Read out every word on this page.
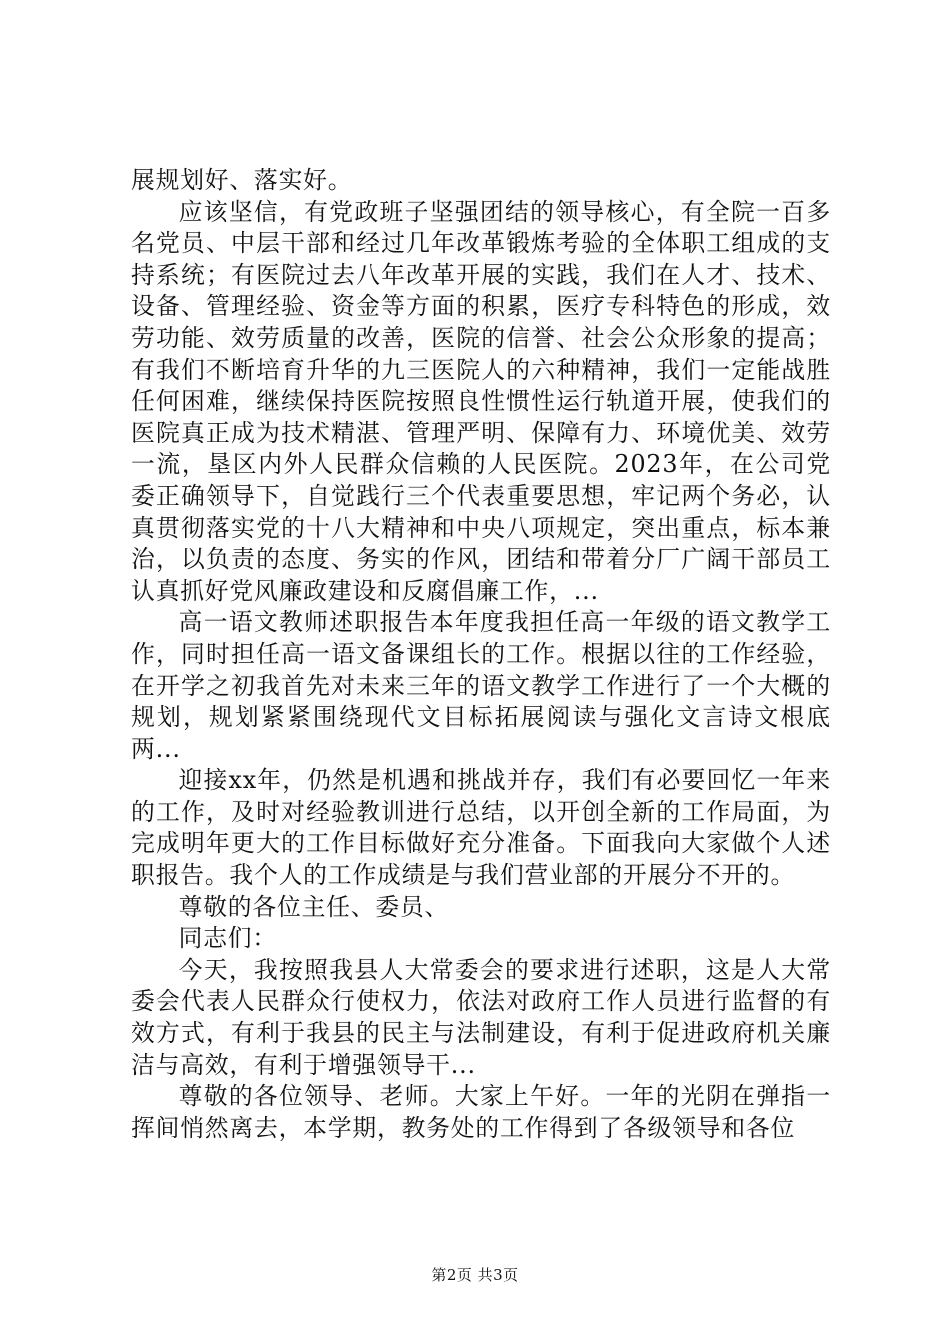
展规划好、落实好。

应该坚信，有党政班子坚强团结的领导核心，有全院一百多名党员、中层干部和经过几年改革锻炼考验的全体职工组成的支持系统；有医院过去八年改革开展的实践，我们在人才、技术、设备、管理经验、资金等方面的积累，医疗专科特色的形成，效劳功能、效劳质量的改善，医院的信誉、社会公众形象的提高；有我们不断培育升华的九三医院人的六种精神，我们一定能战胜任何困难，继续保持医院按照良性惯性运行轨道开展，使我们的医院真正成为技术精湛、管理严明、保障有力、环境优美、效劳一流，垦区内外人民群众信赖的人民医院。2023年，在公司党委正确领导下，自觉践行三个代表重要思想，牢记两个务必，认真贯彻落实党的十八大精神和中央八项规定，突出重点，标本兼治，以负责的态度、务实的作风，团结和带着分厂广阔干部员工认真抓好党风廉政建设和反腐倡廉工作，...

高一语文教师述职报告本年度我担任高一年级的语文教学工作，同时担任高一语文备课组长的工作。根据以往的工作经验，在开学之初我首先对未来三年的语文教学工作进行了一个大概的规划，规划紧紧围绕现代文目标拓展阅读与强化文言诗文根底两...

迎接xx年，仍然是机遇和挑战并存，我们有必要回忆一年来的工作，及时对经验教训进行总结，以开创全新的工作局面，为完成明年更大的工作目标做好充分准备。下面我向大家做个人述职报告。我个人的工作成绩是与我们营业部的开展分不开的。

尊敬的各位主任、委员、

同志们：

今天，我按照我县人大常委会的要求进行述职，这是人大常委会代表人民群众行使权力，依法对政府工作人员进行监督的有效方式，有利于我县的民主与法制建设，有利于促进政府机关廉洁与高效，有利于增强领导干...

尊敬的各位领导、老师。大家上午好。一年的光阴在弹指一挥间悄然离去，本学期，教务处的工作得到了各级领导和各位

第2页 共3页
